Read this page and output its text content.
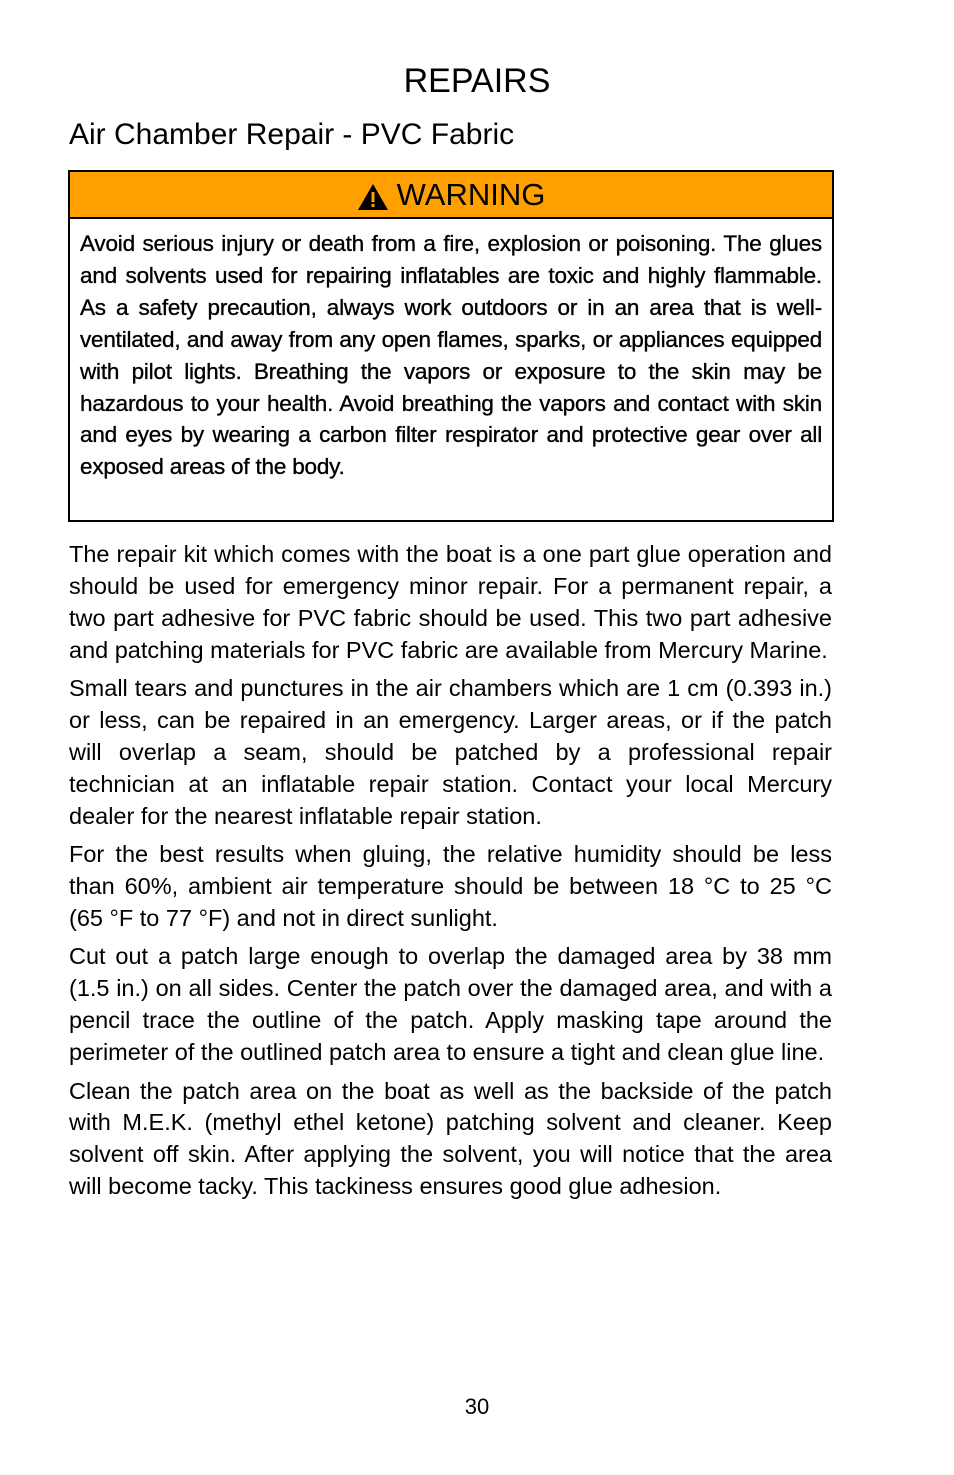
REPAIRS
Air Chamber Repair - PVC Fabric
WARNING
Avoid serious injury or death from a fire, explosion or poisoning. The glues and solvents used for repairing inflatables are toxic and highly flammable. As a safety precaution, always work outdoors or in an area that is well-ventilated, and away from any open flames, sparks, or appliances equipped with pilot lights. Breathing the vapors or exposure to the skin may be hazardous to your health. Avoid breathing the vapors and contact with skin and eyes by wearing a carbon filter respirator and protective gear over all exposed areas of the body.

The repair kit which comes with the boat is a one part glue operation and should be used for emergency minor repair. For a permanent repair, a two part adhesive for PVC fabric should be used. This two part adhesive and patching materials for PVC fabric are available from Mercury Marine.

Small tears and punctures in the air chambers which are 1 cm (0.393 in.) or less, can be repaired in an emergency. Larger areas, or if the patch will overlap a seam, should be patched by a professional repair technician at an inflatable repair station. Contact your local Mercury dealer for the nearest inflatable repair station.

For the best results when gluing, the relative humidity should be less than 60%, ambient air temperature should be between 18 °C to 25 °C (65 °F to 77 °F) and not in direct sunlight.

Cut out a patch large enough to overlap the damaged area by 38 mm (1.5 in.) on all sides. Center the patch over the damaged area, and with a pencil trace the outline of the patch. Apply masking tape around the perimeter of the outlined patch area to ensure a tight and clean glue line.

Clean the patch area on the boat as well as the backside of the patch with M.E.K. (methyl ethel ketone) patching solvent and cleaner. Keep solvent off skin. After applying the solvent, you will notice that the area will become tacky. This tackiness ensures good glue adhesion.

30
